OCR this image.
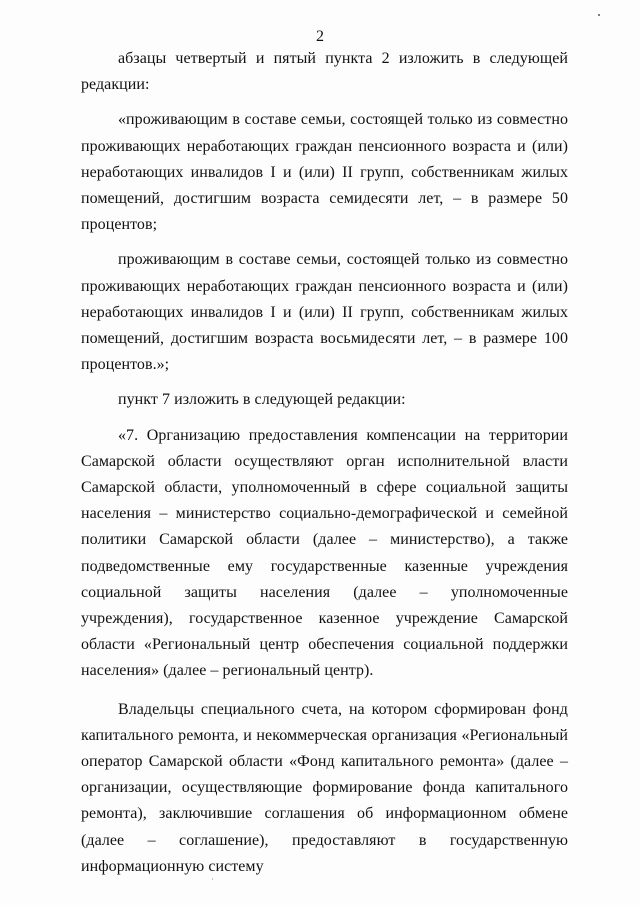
2

абзацы четвертый и пятый пункта 2 изложить в следующей редакции:

«проживающим в составе семьи, состоящей только из совместно проживающих неработающих граждан пенсионного возраста и (или) неработающих инвалидов I и (или) II групп, собственникам жилых помещений, достигшим возраста семидесяти лет, – в размере 50 процентов;

проживающим в составе семьи, состоящей только из совместно проживающих неработающих граждан пенсионного возраста и (или) неработающих инвалидов I и (или) II групп, собственникам жилых помещений, достигшим возраста восьмидесяти лет, – в размере 100 процентов.»;

пункт 7 изложить в следующей редакции:

«7. Организацию предоставления компенсации на территории Самарской области осуществляют орган исполнительной власти Самарской области, уполномоченный в сфере социальной защиты населения – министерство социально-демографической и семейной политики Самарской области (далее – министерство), а также подведомственные ему государственные казенные учреждения социальной защиты населения (далее – уполномоченные учреждения), государственное казенное учреждение Самарской области «Региональный центр обеспечения социальной поддержки населения» (далее – региональный центр).

Владельцы специального счета, на котором сформирован фонд капитального ремонта, и некоммерческая организация «Региональный оператор Самарской области «Фонд капитального ремонта» (далее – организации, осуществляющие формирование фонда капитального ремонта), заключившие соглашения об информационном обмене (далее – соглашение), предоставляют в государственную информационную систему
